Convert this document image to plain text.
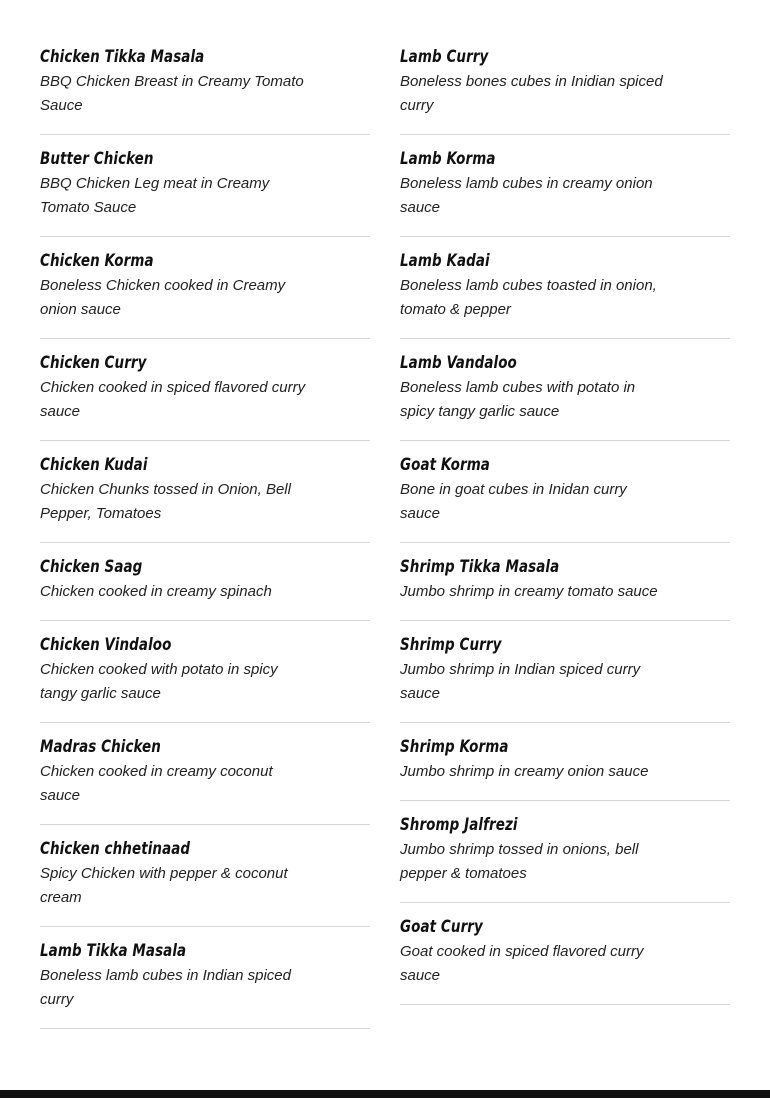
Chicken Tikka Masala
BBQ Chicken Breast in Creamy Tomato Sauce
Butter Chicken
BBQ Chicken Leg meat in Creamy Tomato Sauce
Chicken Korma
Boneless Chicken cooked in Creamy onion sauce
Chicken Curry
Chicken cooked in spiced flavored curry  sauce
Chicken Kudai
Chicken Chunks tossed in Onion, Bell Pepper, Tomatoes
Chicken Saag
Chicken cooked in creamy spinach
Chicken Vindaloo
Chicken cooked with potato in spicy tangy garlic sauce
Madras Chicken
Chicken cooked in creamy coconut sauce
Chicken chhetinaad
Spicy Chicken with pepper & coconut cream
Lamb Tikka Masala
Boneless lamb cubes in Indian spiced curry
Lamb Curry
Boneless bones cubes in Inidian spiced curry
Lamb Korma
Boneless lamb cubes in creamy onion sauce
Lamb Kadai
Boneless lamb cubes toasted in onion, tomato & pepper
Lamb Vandaloo
Boneless lamb cubes with potato in spicy tangy garlic sauce
Goat Korma
Bone in goat cubes in Inidan curry sauce
Shrimp Tikka Masala
Jumbo shrimp in creamy tomato sauce
Shrimp Curry
Jumbo shrimp in Indian spiced curry sauce
Shrimp Korma
Jumbo shrimp in creamy onion sauce
Shromp Jalfrezi
Jumbo shrimp tossed in onions, bell pepper & tomatoes
Goat Curry
Goat cooked in spiced flavored curry sauce
